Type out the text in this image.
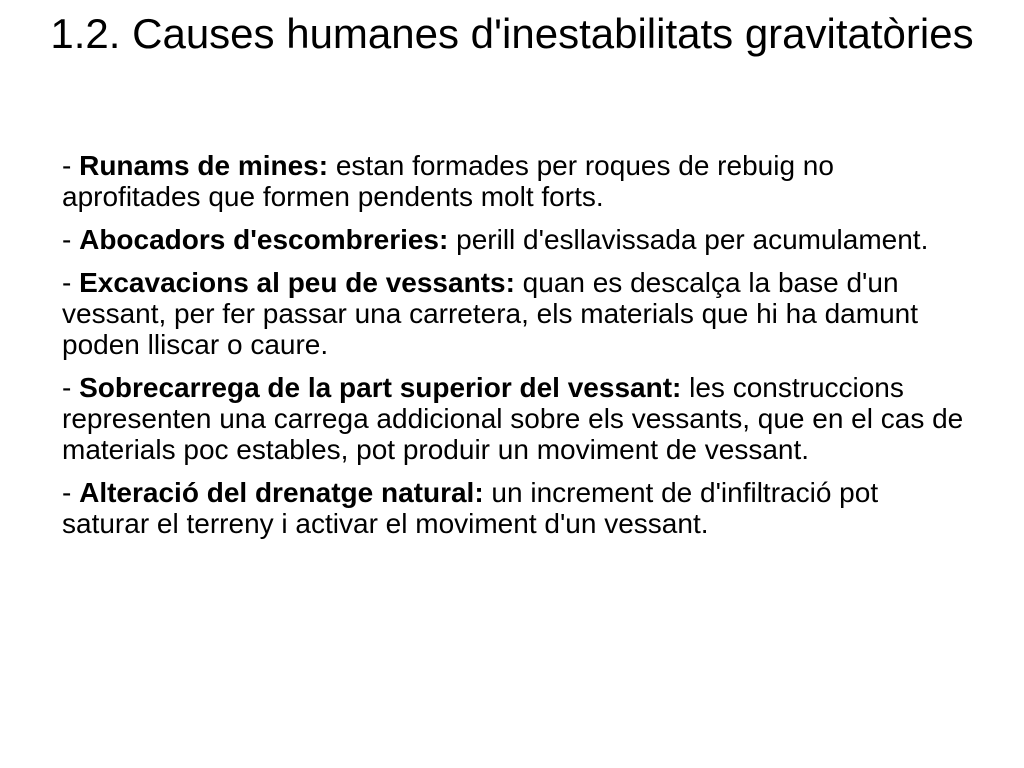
1.2. Causes humanes d'inestabilitats gravitatòries
- Runams de mines: estan formades per roques de rebuig no aprofitades que formen pendents molt forts.
- Abocadors d'escombreries: perill d'esllavissada per acumulament.
- Excavacions al peu de vessants: quan es descalça la base d'un vessant, per fer passar una carretera, els materials que hi ha damunt poden lliscar o caure.
- Sobrecarrega de la part superior del vessant: les construccions representen una carrega addicional sobre els vessants, que en el cas de materials poc estables, pot produir un moviment de vessant.
- Alteració del drenatge natural: un increment de d'infiltració pot saturar el terreny i activar el moviment d'un vessant.
